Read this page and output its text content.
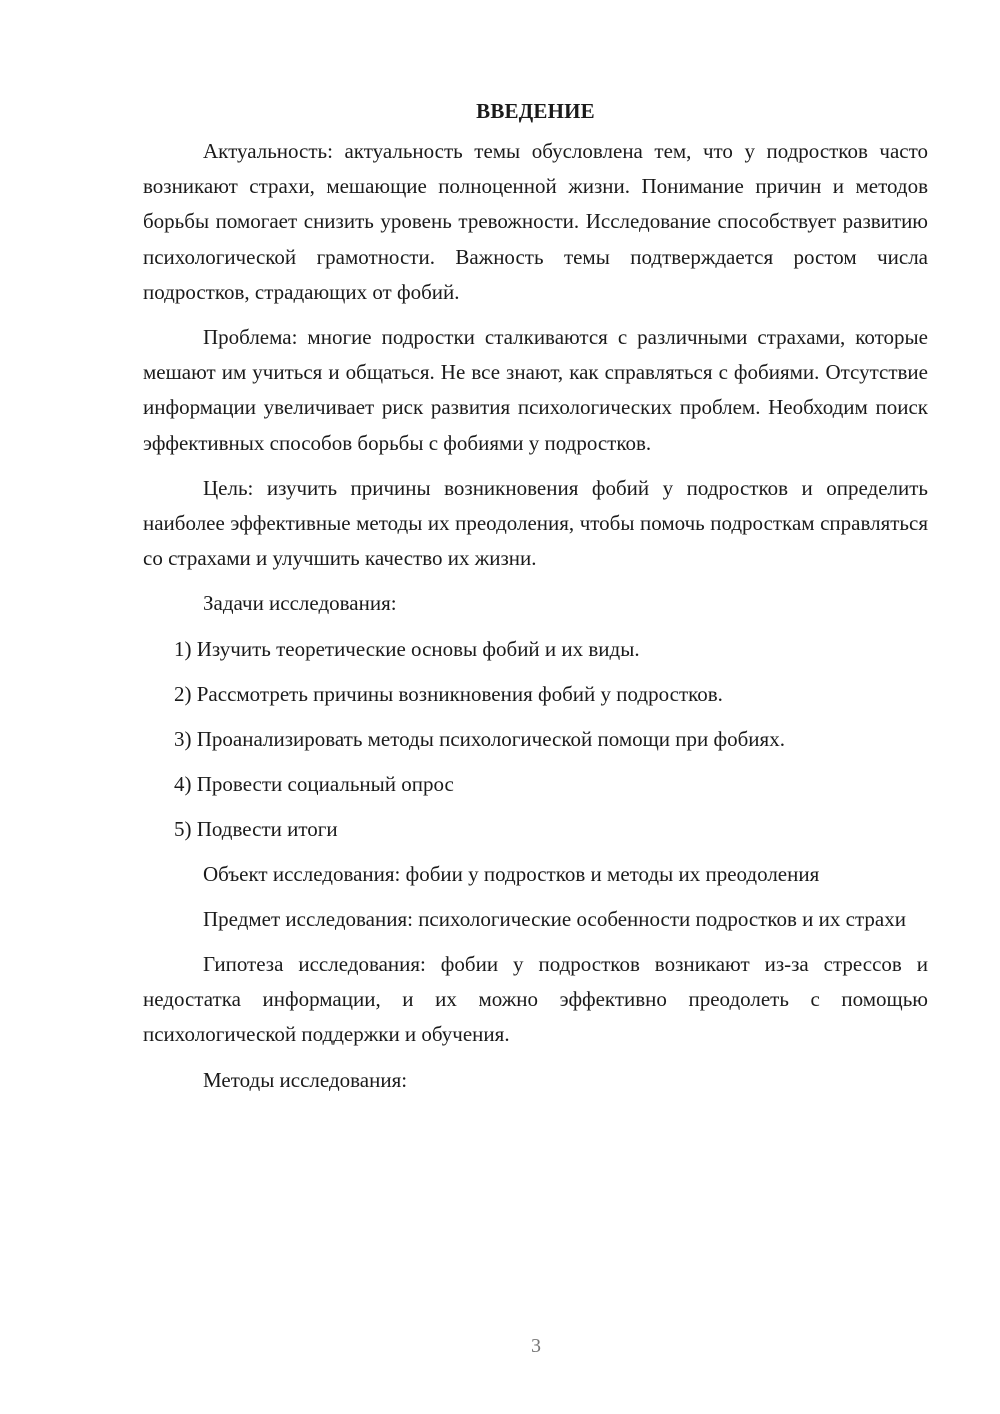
ВВЕДЕНИЕ

Актуальность: актуальность темы обусловлена тем, что у подростков часто возникают страхи, мешающие полноценной жизни. Понимание причин и методов борьбы помогает снизить уровень тревожности. Исследование способствует развитию психологической грамотности. Важность темы подтверждается ростом числа подростков, страдающих от фобий.

Проблема: многие подростки сталкиваются с различными страхами, которые мешают им учиться и общаться. Не все знают, как справляться с фобиями. Отсутствие информации увеличивает риск развития психологических проблем. Необходим поиск эффективных способов борьбы с фобиями у подростков.

Цель: изучить причины возникновения фобий у подростков и определить наиболее эффективные методы их преодоления, чтобы помочь подросткам справляться со страхами и улучшить качество их жизни.

Задачи исследования:

1) Изучить теоретические основы фобий и их виды.
2) Рассмотреть причины возникновения фобий у подростков.
3) Проанализировать методы психологической помощи при фобиях.
4) Провести социальный опрос
5) Подвести итоги

Объект исследования: фобии у подростков и методы их преодоления

Предмет исследования: психологические особенности подростков и их страхи

Гипотеза исследования: фобии у подростков возникают из-за стрессов и недостатка информации, и их можно эффективно преодолеть с помощью психологической поддержки и обучения.

Методы исследования:

3
